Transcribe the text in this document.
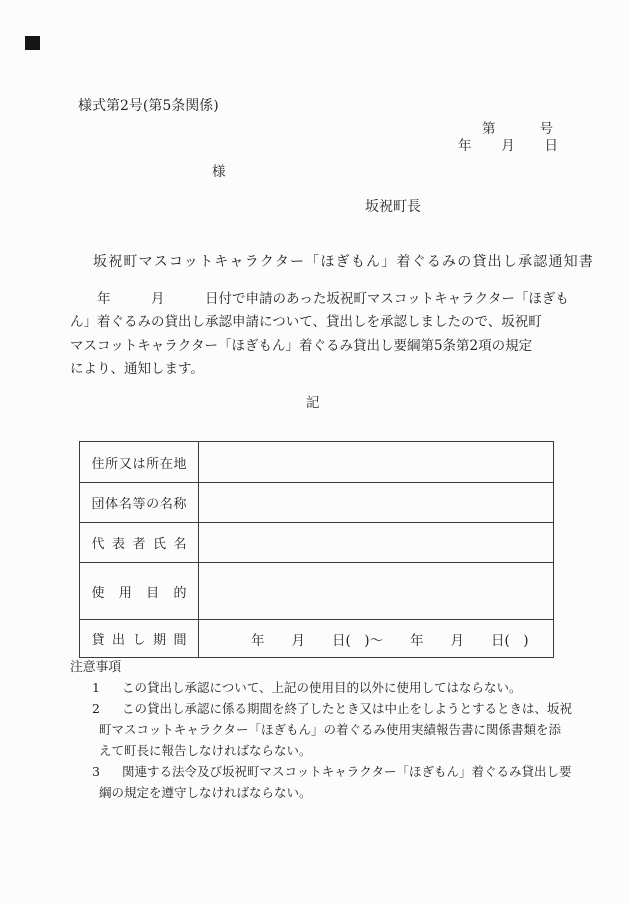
様式第2号(第5条関係)
第	号
年 月 日
様
坂祝町長
坂祝町マスコットキャラクター「ほぎもん」着ぐるみの貸出し承認通知書
　　年　　　月　　　日付で申請のあった坂祝町マスコットキャラクター「ほぎも
ん」着ぐるみの貸出し承認申請について、貸出しを承認しましたので、坂祝町
マスコットキャラクター「ほぎもん」着ぐるみ貸出し要綱第5条第2項の規定
により、通知します。
記
住所又は所在地
団体名等の名称
代表者氏名
使用目的
貸出し期間	年　　月　　日(　)～　　年　　月　　日(　)
注意事項
1 この貸出し承認について、上記の使用目的以外に使用してはならない。
2 この貸出し承認に係る期間を終了したとき又は中止をしようとするときは、坂祝
町マスコットキャラクター「ほぎもん」の着ぐるみ使用実績報告書に関係書類を添
えて町長に報告しなければならない。
3 関連する法令及び坂祝町マスコットキャラクター「ほぎもん」着ぐるみ貸出し要
綱の規定を遵守しなければならない。
